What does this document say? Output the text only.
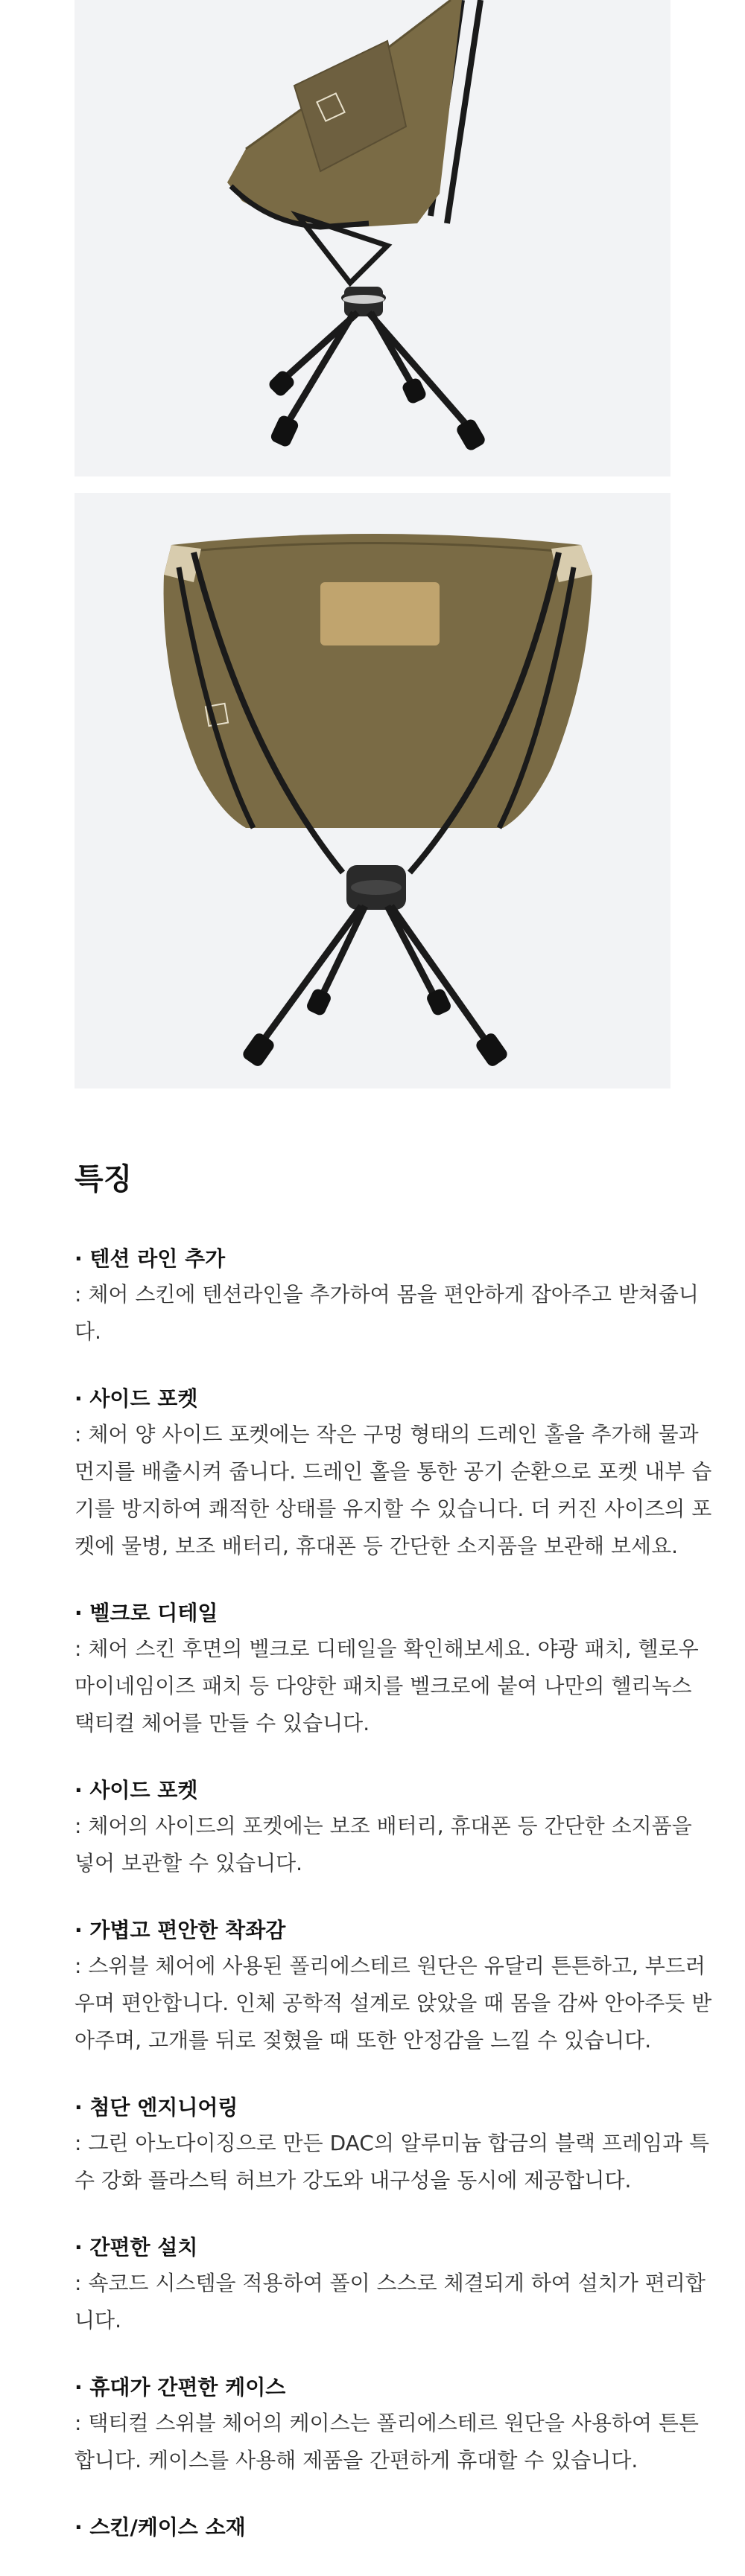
특징
· 텐션 라인 추가

: 체어 스킨에 텐션라인을 추가하여 몸을 편안하게 잡아주고 받쳐줍니다.

· 사이드 포켓

: 체어 양 사이드 포켓에는 작은 구멍 형태의 드레인 홀을 추가해 물과 먼지를 배출시켜 줍니다. 드레인 홀을 통한 공기 순환으로 포켓 내부 습기를 방지하여 쾌적한 상태를 유지할 수 있습니다. 더 커진 사이즈의 포켓에 물병, 보조 배터리, 휴대폰 등 간단한 소지품을 보관해 보세요.

· 벨크로 디테일

: 체어 스킨 후면의 벨크로 디테일을 확인해보세요. 야광 패치, 헬로우 마이네임이즈 패치 등 다양한 패치를 벨크로에 붙여 나만의 헬리녹스 택티컬 체어를 만들 수 있습니다.

· 사이드 포켓

: 체어의 사이드의 포켓에는 보조 배터리, 휴대폰 등 간단한 소지품을 넣어 보관할 수 있습니다.

· 가볍고 편안한 착좌감

: 스위블 체어에 사용된 폴리에스테르 원단은 유달리 튼튼하고, 부드러우며 편안합니다. 인체 공학적 설계로 앉았을 때 몸을 감싸 안아주듯 받아주며, 고개를 뒤로 젖혔을 때 또한 안정감을 느낄 수 있습니다.

· 첨단 엔지니어링

: 그린 아노다이징으로 만든 DAC의 알루미늄 합금의 블랙 프레임과 특수 강화 플라스틱 허브가 강도와 내구성을 동시에 제공합니다.

· 간편한 설치

: 쇽코드 시스템을 적용하여 폴이 스스로 체결되게 하여 설치가 편리합니다.

· 휴대가 간편한 케이스

: 택티컬 스위블 체어의 케이스는 폴리에스테르 원단을 사용하여 튼튼합니다. 케이스를 사용해 제품을 간편하게 휴대할 수 있습니다.

· 스킨/케이스 소재
